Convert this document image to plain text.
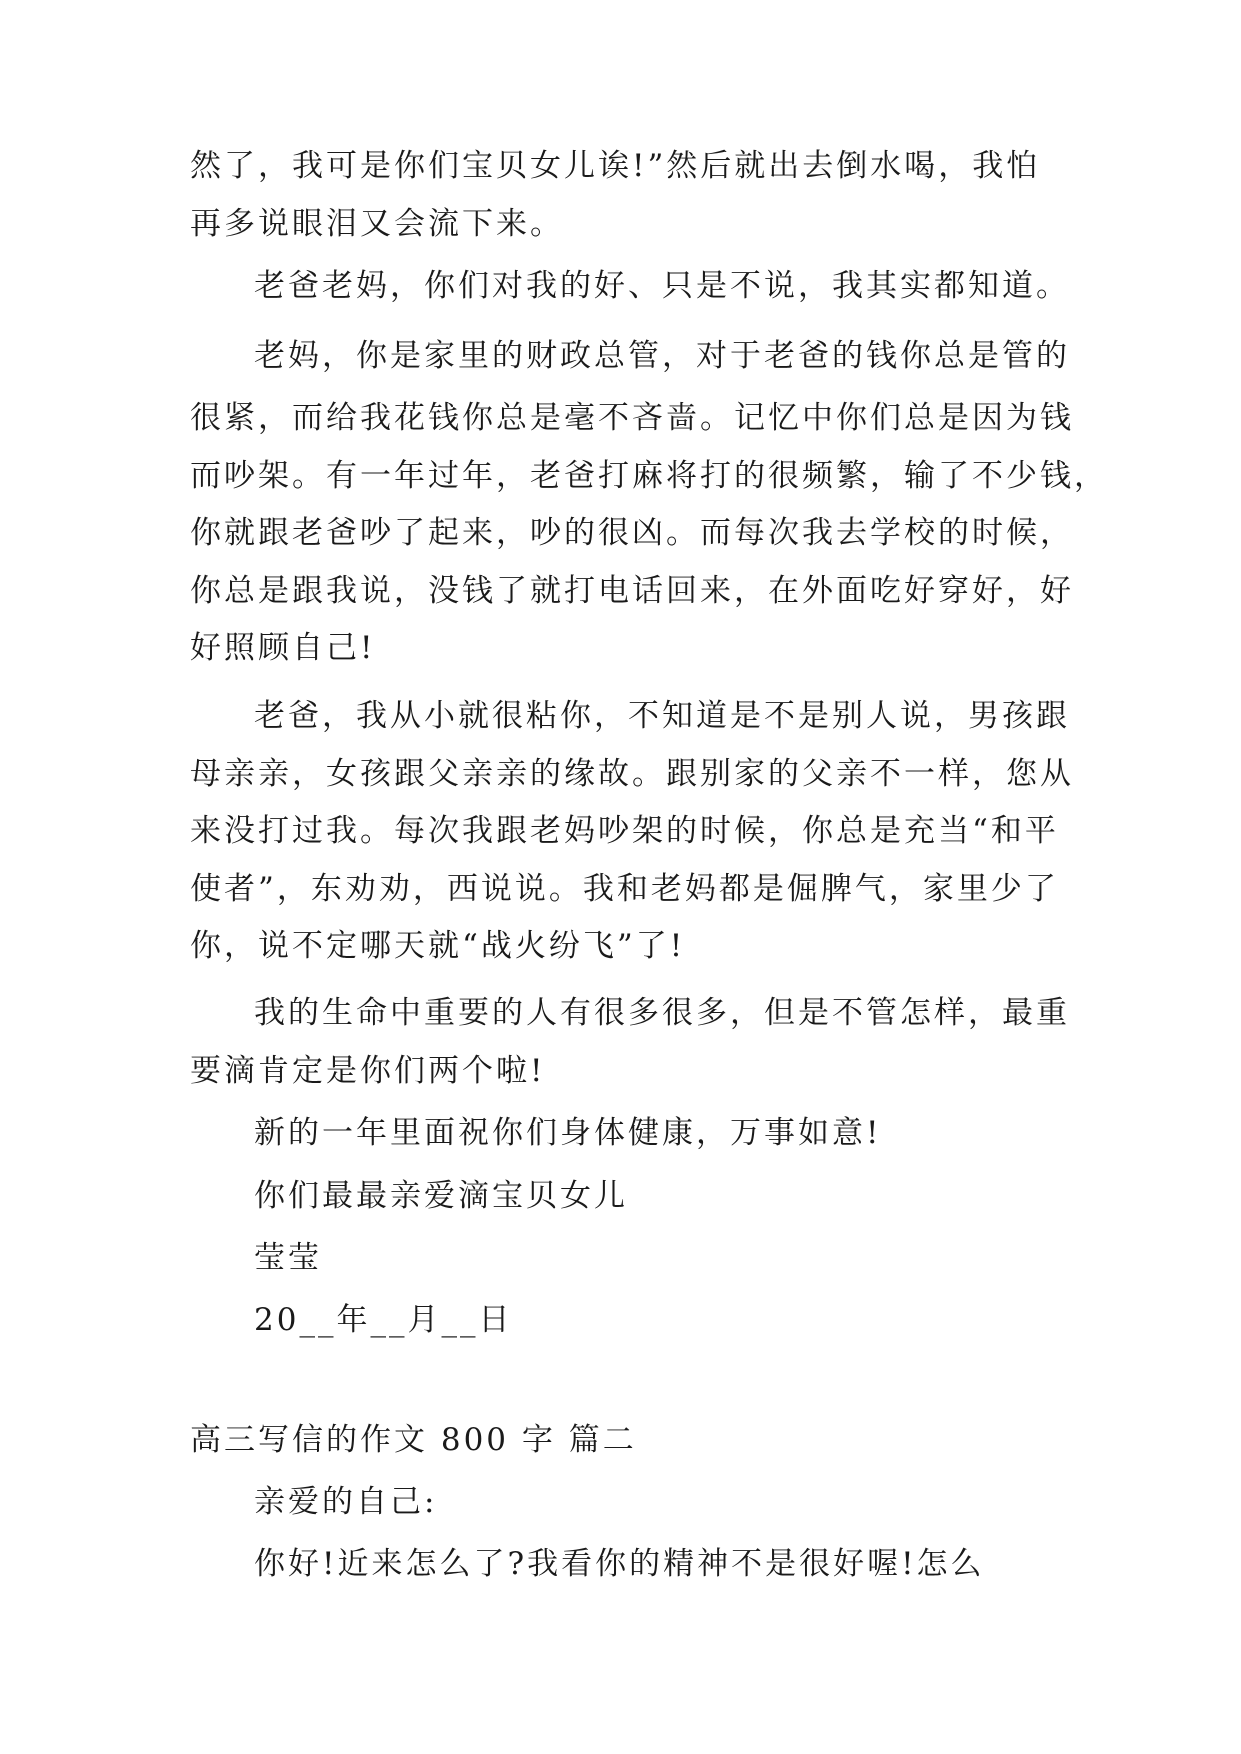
然了，我可是你们宝贝女儿诶!”然后就出去倒水喝，我怕
再多说眼泪又会流下来。
老爸老妈，你们对我的好、只是不说，我其实都知道。
老妈，你是家里的财政总管，对于老爸的钱你总是管的
很紧，而给我花钱你总是毫不吝啬。记忆中你们总是因为钱
而吵架。有一年过年，老爸打麻将打的很频繁，输了不少钱，
你就跟老爸吵了起来，吵的很凶。而每次我去学校的时候，
你总是跟我说，没钱了就打电话回来，在外面吃好穿好，好
好照顾自己!
老爸，我从小就很粘你，不知道是不是别人说，男孩跟
母亲亲，女孩跟父亲亲的缘故。跟别家的父亲不一样，您从
来没打过我。每次我跟老妈吵架的时候，你总是充当“和平
使者”，东劝劝，西说说。我和老妈都是倔脾气，家里少了
你，说不定哪天就“战火纷飞”了!
我的生命中重要的人有很多很多，但是不管怎样，最重
要滴肯定是你们两个啦!
新的一年里面祝你们身体健康，万事如意!
你们最最亲爱滴宝贝女儿
莹莹
20__年__月__日
高三写信的作文 800 字 篇二
亲爱的自己:
你好!近来怎么了?我看你的精神不是很好喔!怎么
